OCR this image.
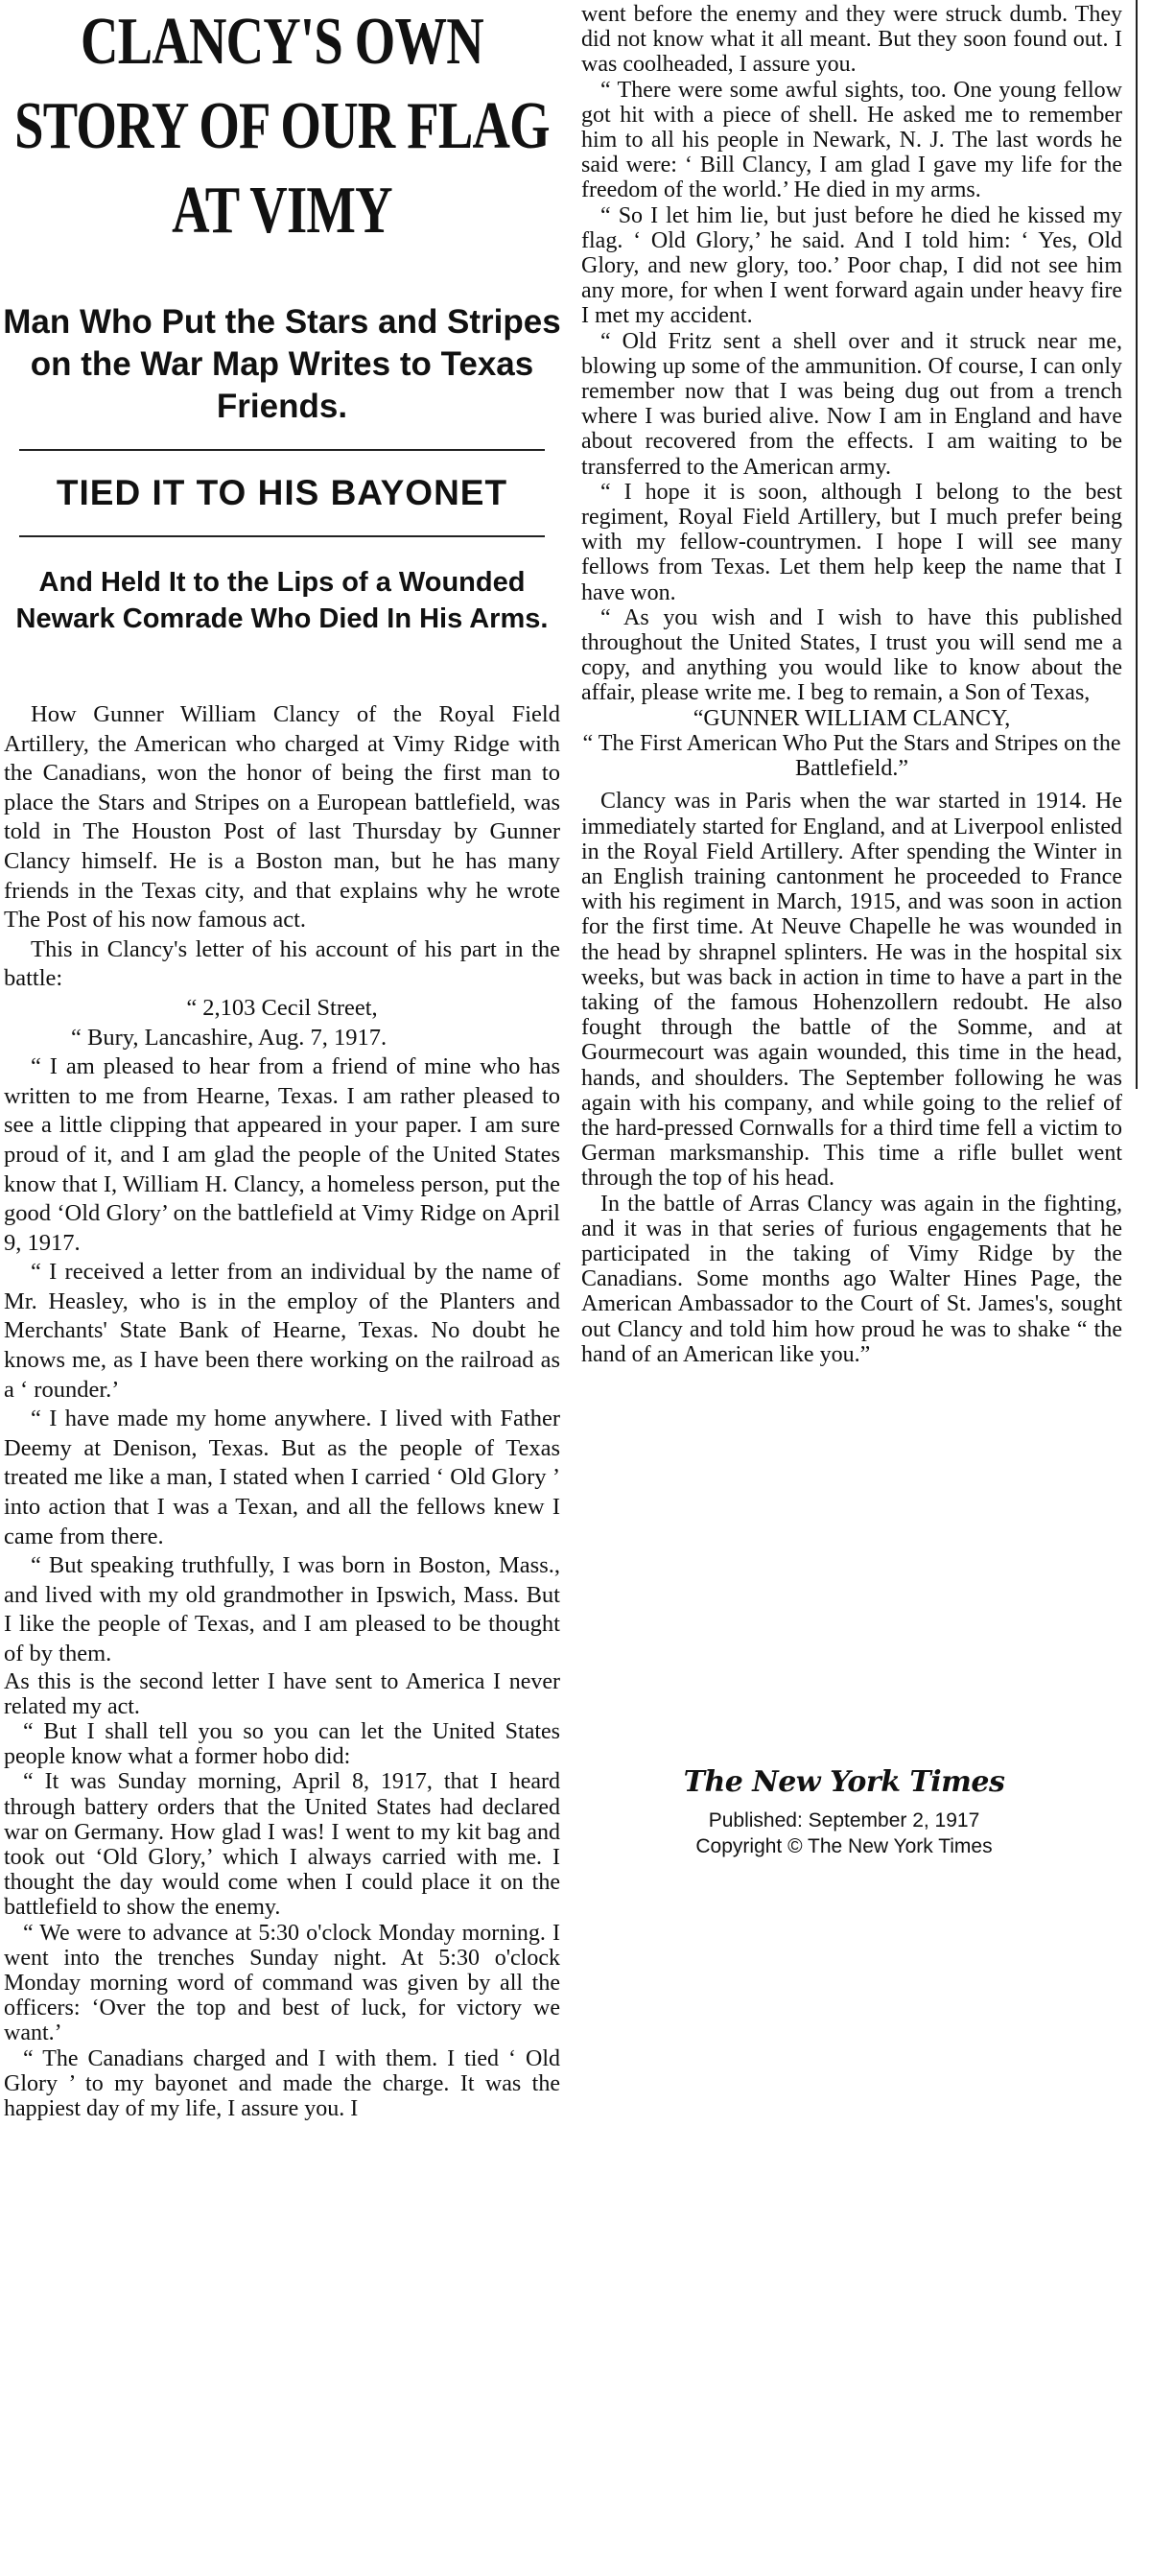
CLANCY'S OWN STORY OF OUR FLAG AT VIMY
Man Who Put the Stars and Stripes on the War Map Writes to Texas Friends.
TIED IT TO HIS BAYONET
And Held It to the Lips of a Wounded Newark Comrade Who Died In His Arms.

How Gunner William Clancy of the Royal Field Artillery, the American who charged at Vimy Ridge with the Canadians, won the honor of being the first man to place the Stars and Stripes on a European battlefield, was told in The Houston Post of last Thursday by Gunner Clancy himself. He is a Boston man, but he has many friends in the Texas city, and that explains why he wrote The Post of his now famous act.

This in Clancy's letter of his account of his part in the battle:

“ 2,103 Cecil Street,

“ Bury, Lancashire, Aug. 7, 1917.

“ I am pleased to hear from a friend of mine who has written to me from Hearne, Texas. I am rather pleased to see a little clipping that appeared in your paper. I am sure proud of it, and I am glad the people of the United States know that I, William H. Clancy, a homeless person, put the good ‘Old Glory’ on the battlefield at Vimy Ridge on April 9, 1917.

“ I received a letter from an individual by the name of Mr. Heasley, who is in the employ of the Planters and Merchants' State Bank of Hearne, Texas. No doubt he knows me, as I have been there working on the railroad as a ‘ rounder.’

“ I have made my home anywhere. I lived with Father Deemy at Denison, Texas. But as the people of Texas treated me like a man, I stated when I carried ‘ Old Glory ’ into action that I was a Texan, and all the fellows knew I came from there.

“ But speaking truthfully, I was born in Boston, Mass., and lived with my old grandmother in Ipswich, Mass. But I like the people of Texas, and I am pleased to be thought of by them.

As this is the second letter I have sent to America I never related my act.

“ But I shall tell you so you can let the United States people know what a former hobo did:

“ It was Sunday morning, April 8, 1917, that I heard through battery orders that the United States had declared war on Germany. How glad I was! I went to my kit bag and took out ‘Old Glory,’ which I always carried with me. I thought the day would come when I could place it on the battlefield to show the enemy.

“ We were to advance at 5:30 o'clock Monday morning. I went into the trenches Sunday night. At 5:30 o'clock Monday morning word of command was given by all the officers: ‘Over the top and best of luck, for victory we want.’

“ The Canadians charged and I with them. I tied ‘ Old Glory ’ to my bayonet and made the charge. It was the happiest day of my life, I assure you. I

went before the enemy and they were struck dumb. They did not know what it all meant. But they soon found out. I was coolheaded, I assure you.

“ There were some awful sights, too. One young fellow got hit with a piece of shell. He asked me to remember him to all his people in Newark, N. J. The last words he said were: ‘ Bill Clancy, I am glad I gave my life for the freedom of the world.’ He died in my arms.

“ So I let him lie, but just before he died he kissed my flag. ‘ Old Glory,’ he said. And I told him: ‘ Yes, Old Glory, and new glory, too.’ Poor chap, I did not see him any more, for when I went forward again under heavy fire I met my accident.

“ Old Fritz sent a shell over and it struck near me, blowing up some of the ammunition. Of course, I can only remember now that I was being dug out from a trench where I was buried alive. Now I am in England and have about recovered from the effects. I am waiting to be transferred to the American army.

“ I hope it is soon, although I belong to the best regiment, Royal Field Artillery, but I much prefer being with my fellow-countrymen. I hope I will see many fellows from Texas. Let them help keep the name that I have won.

“ As you wish and I wish to have this published throughout the United States, I trust you will send me a copy, and anything you would like to know about the affair, please write me. I beg to remain, a Son of Texas,

“GUNNER WILLIAM CLANCY,

“ The First American Who Put the Stars and Stripes on the Battlefield.”

Clancy was in Paris when the war started in 1914. He immediately started for England, and at Liverpool enlisted in the Royal Field Artillery. After spending the Winter in an English training cantonment he proceeded to France with his regiment in March, 1915, and was soon in action for the first time. At Neuve Chapelle he was wounded in the head by shrapnel splinters. He was in the hospital six weeks, but was back in action in time to have a part in the taking of the famous Hohenzollern redoubt. He also fought through the battle of the Somme, and at Gourmecourt was again wounded, this time in the head, hands, and shoulders. The September following he was again with his company, and while going to the relief of the hard-pressed Cornwalls for a third time fell a victim to German marksmanship. This time a rifle bullet went through the top of his head.

In the battle of Arras Clancy was again in the fighting, and it was in that series of furious engagements that he participated in the taking of Vimy Ridge by the Canadians. Some months ago Walter Hines Page, the American Ambassador to the Court of St. James's, sought out Clancy and told him how proud he was to shake “ the hand of an American like you.”

The New York Times
Published: September 2, 1917
Copyright © The New York Times
